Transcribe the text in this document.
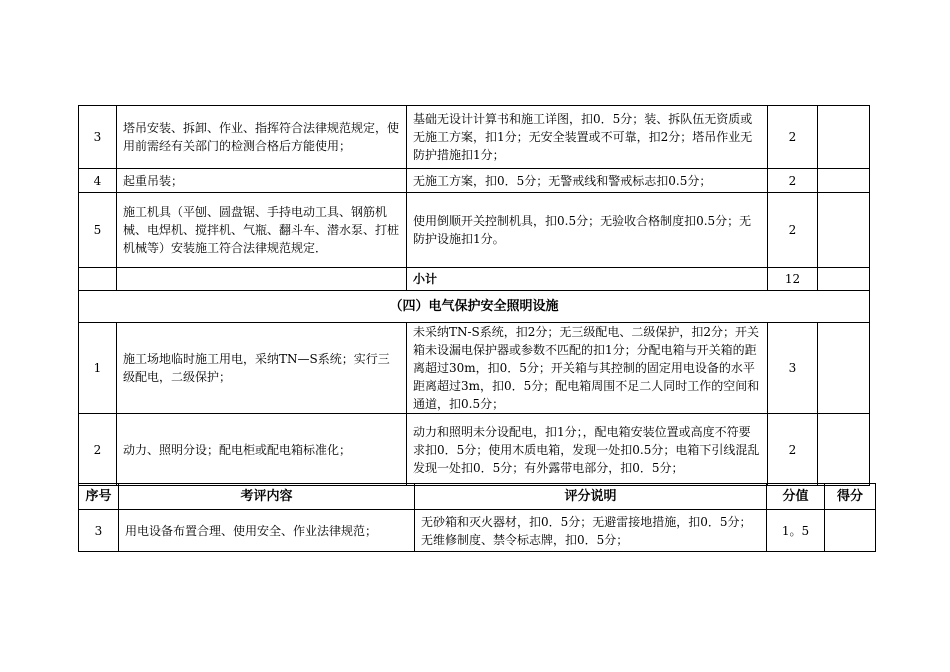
3	塔吊安装、拆卸、作业、指挥符合法律规范规定，使用前需经有关部门的检测合格后方能使用；	基础无设计计算书和施工详图，扣0．5分；装、拆队伍无资质或无施工方案，扣1分；无安全装置或不可靠，扣2分；塔吊作业无防护措施扣1分；	2	
4	起重吊装；	无施工方案，扣0．5分；无警戒线和警戒标志扣0.5分；	2	
5	施工机具（平刨、圆盘锯、手持电动工具、钢筋机械、电焊机、搅拌机、气瓶、翻斗车、潜水泵、打桩机械等）安装施工符合法律规范规定．	使用倒顺开关控制机具，扣0.5分；无验收合格制度扣0.5分；无防护设施扣1分。	2	
		小计	12	
（四）电气保护安全照明设施				
1	施工场地临时施工用电，采纳TN—S系统；实行三级配电，二级保护；	未采纳TN-S系统，扣2分；无三级配电、二级保护，扣2分；开关箱未设漏电保护器或参数不匹配的扣1分；分配电箱与开关箱的距离超过30m，扣0．5分；开关箱与其控制的固定用电设备的水平距离超过3m，扣0．5分；配电箱周围不足二人同时工作的空间和通道，扣0.5分；	3	
2	动力、照明分设；配电柜或配电箱标准化；	动力和照明未分设配电，扣1分；，配电箱安装位置或高度不符要求扣0．5分；使用木质电箱，发现一处扣0.5分；电箱下引线混乱发现一处扣0．5分；有外露带电部分，扣0．5分；	2	
序号	考评内容	评分说明	分值	得分
3	用电设备布置合理、使用安全、作业法律规范；	无砂箱和灭火器材，扣0．5分；无避雷接地措施，扣0．5分；无维修制度、禁令标志牌，扣0．5分；	1。5	
